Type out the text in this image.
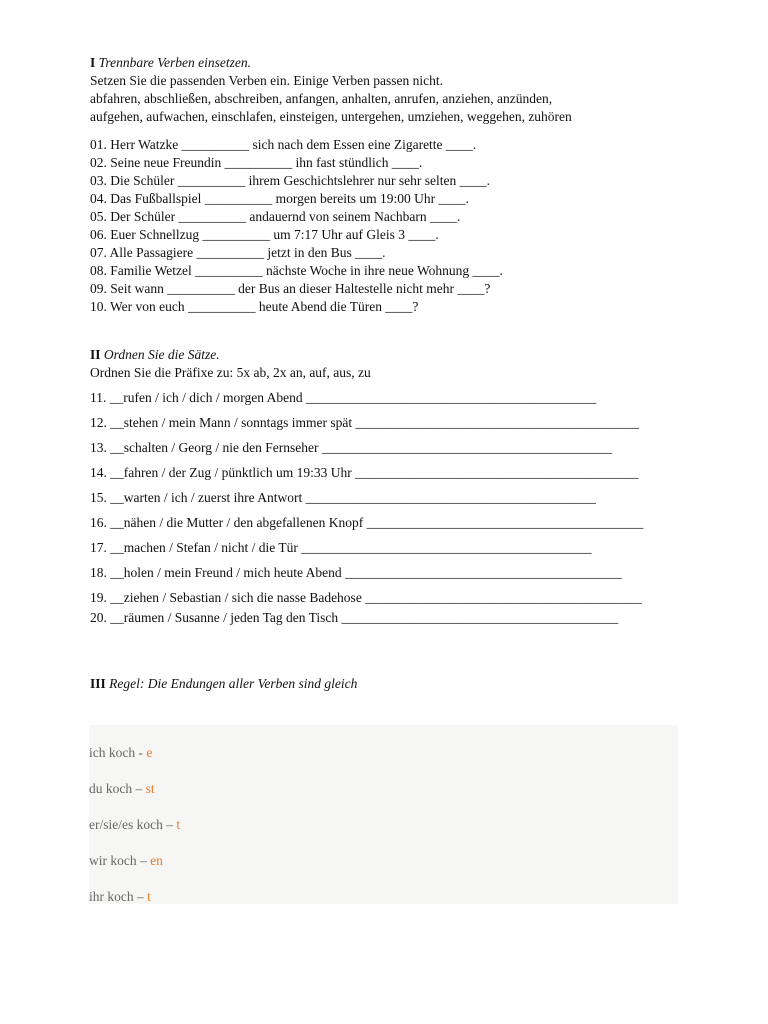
I Trennbare Verben einsetzen.
Setzen Sie die passenden Verben ein. Einige Verben passen nicht.
abfahren, abschließen, abschreiben, anfangen, anhalten, anrufen, anziehen, anzünden,
aufgehen, aufwachen, einschlafen, einsteigen, untergehen, umziehen, weggehen, zuhören
01. Herr Watzke __________ sich nach dem Essen eine Zigarette ____.
02. Seine neue Freundin __________ ihn fast stündlich ____.
03. Die Schüler __________ ihrem Geschichtslehrer nur sehr selten ____.
04. Das Fußballspiel __________ morgen bereits um 19:00 Uhr ____.
05. Der Schüler __________ andauernd von seinem Nachbarn ____.
06. Euer Schnellzug __________ um 7:17 Uhr auf Gleis 3 ____.
07. Alle Passagiere __________ jetzt in den Bus ____.
08. Familie Wetzel __________ nächste Woche in ihre neue Wohnung ____.
09. Seit wann __________ der Bus an dieser Haltestelle nicht mehr ____?
10. Wer von euch __________ heute Abend die Türen ____?
II Ordnen Sie die Sätze.
Ordnen Sie die Präfixe zu: 5x ab, 2x an, auf, aus, zu
11. __rufen / ich / dich / morgen Abend ___________________________________________
12. __stehen / mein Mann / sonntags immer spät __________________________________________
13. __schalten / Georg / nie den Fernseher ___________________________________________
14. __fahren / der Zug / pünktlich um 19:33 Uhr __________________________________________
15. __warten / ich / zuerst ihre Antwort ___________________________________________
16. __nähen / die Mutter / den abgefallenen Knopf _________________________________________
17. __machen / Stefan / nicht / die Tür ___________________________________________
18. __holen / mein Freund / mich heute Abend _________________________________________
19. __ziehen / Sebastian / sich die nasse Badehose _________________________________________
20. __räumen / Susanne / jeden Tag den Tisch _________________________________________
III Regel: Die Endungen aller Verben sind gleich
ich koch - e
du koch – st
er/sie/es koch – t
wir koch – en
ihr koch – t
